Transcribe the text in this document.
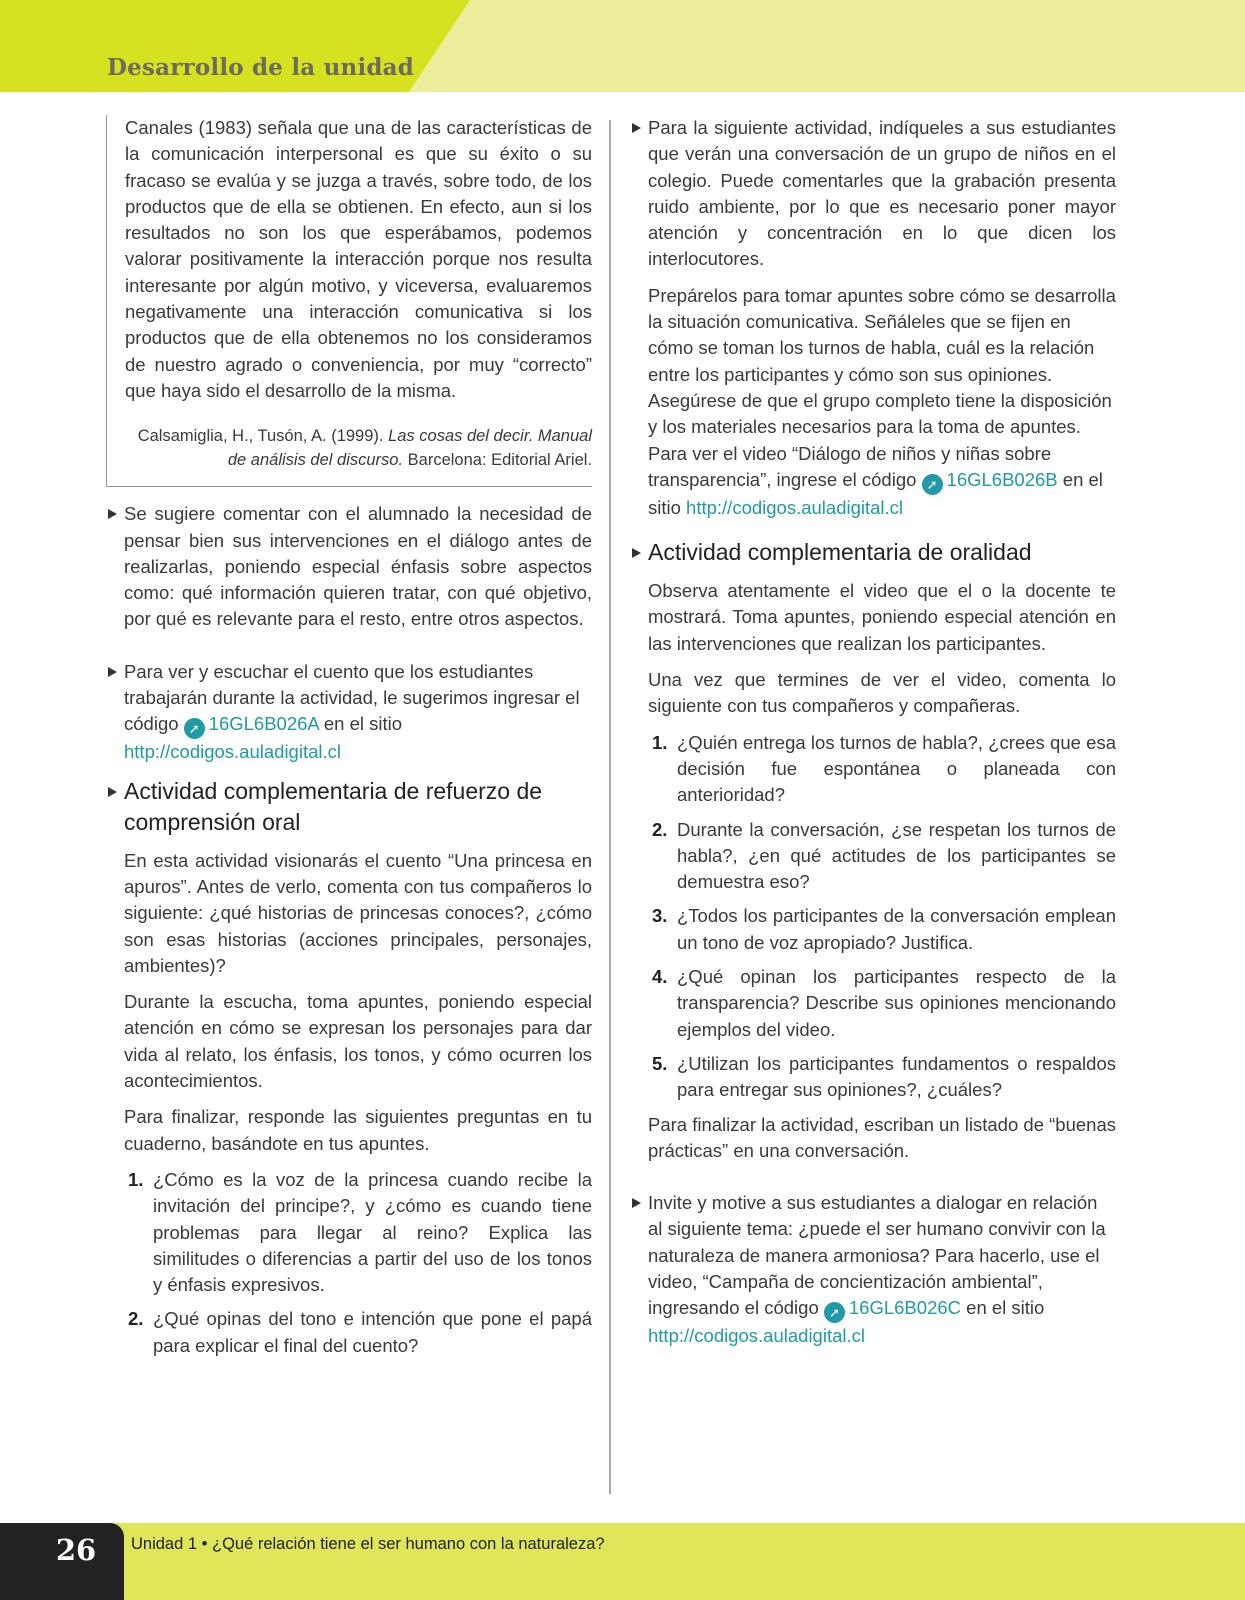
Desarrollo de la unidad

Canales (1983) señala que una de las características de la comunicación interpersonal es que su éxito o su fracaso se evalúa y se juzga a través, sobre todo, de los productos que de ella se obtienen. En efecto, aun si los resultados no son los que esperábamos, podemos valorar positivamente la interacción porque nos resulta interesante por algún motivo, y viceversa, evaluaremos negativamente una interacción comunicativa si los productos que de ella obtenemos no los consideramos de nuestro agrado o conveniencia, por muy “correcto” que haya sido el desarrollo de la misma.

Calsamiglia, H., Tusón, A. (1999). Las cosas del decir. Manual de análisis del discurso. Barcelona: Editorial Ariel.

Se sugiere comentar con el alumnado la necesidad de pensar bien sus intervenciones en el diálogo antes de realizarlas, poniendo especial énfasis sobre aspectos como: qué información quieren tratar, con qué objetivo, por qué es relevante para el resto, entre otros aspectos.

Para ver y escuchar el cuento que los estudiantes trabajarán durante la actividad, le sugerimos ingresar el código ➚ 16GL6B026A en el sitio http://codigos.auladigital.cl

Actividad complementaria de refuerzo de comprensión oral

En esta actividad visionarás el cuento “Una princesa en apuros”. Antes de verlo, comenta con tus compañeros lo siguiente: ¿qué historias de princesas conoces?, ¿cómo son esas historias (acciones principales, personajes, ambientes)?

Durante la escucha, toma apuntes, poniendo especial atención en cómo se expresan los personajes para dar vida al relato, los énfasis, los tonos, y cómo ocurren los acontecimientos.

Para finalizar, responde las siguientes preguntas en tu cuaderno, basándote en tus apuntes.

1. ¿Cómo es la voz de la princesa cuando recibe la invitación del principe?, y ¿cómo es cuando tiene problemas para llegar al reino? Explica las similitudes o diferencias a partir del uso de los tonos y énfasis expresivos.
2. ¿Qué opinas del tono e intención que pone el papá para explicar el final del cuento?

Para la siguiente actividad, indíqueles a sus estudiantes que verán una conversación de un grupo de niños en el colegio. Puede comentarles que la grabación presenta ruido ambiente, por lo que es necesario poner mayor atención y concentración en lo que dicen los interlocutores.

Prepárelos para tomar apuntes sobre cómo se desarrolla la situación comunicativa. Señáleles que se fijen en cómo se toman los turnos de habla, cuál es la relación entre los participantes y cómo son sus opiniones. Asegúrese de que el grupo completo tiene la disposición y los materiales necesarios para la toma de apuntes. Para ver el video “Diálogo de niños y niñas sobre transparencia”, ingrese el código ➚ 16GL6B026B en el sitio http://codigos.auladigital.cl

Actividad complementaria de oralidad

Observa atentamente el video que el o la docente te mostrará. Toma apuntes, poniendo especial atención en las intervenciones que realizan los participantes.

Una vez que termines de ver el video, comenta lo siguiente con tus compañeros y compañeras.

1. ¿Quién entrega los turnos de habla?, ¿crees que esa decisión fue espontánea o planeada con anterioridad?
2. Durante la conversación, ¿se respetan los turnos de habla?, ¿en qué actitudes de los participantes se demuestra eso?
3. ¿Todos los participantes de la conversación emplean un tono de voz apropiado? Justifica.
4. ¿Qué opinan los participantes respecto de la transparencia? Describe sus opiniones mencionando ejemplos del video.
5. ¿Utilizan los participantes fundamentos o respaldos para entregar sus opiniones?, ¿cuáles?

Para finalizar la actividad, escriban un listado de “buenas prácticas” en una conversación.

Invite y motive a sus estudiantes a dialogar en relación al siguiente tema: ¿puede el ser humano convivir con la naturaleza de manera armoniosa? Para hacerlo, use el video, “Campaña de concientización ambiental”, ingresando el código ➚ 16GL6B026C en el sitio http://codigos.auladigital.cl

26	Unidad 1 • ¿Qué relación tiene el ser humano con la naturaleza?
